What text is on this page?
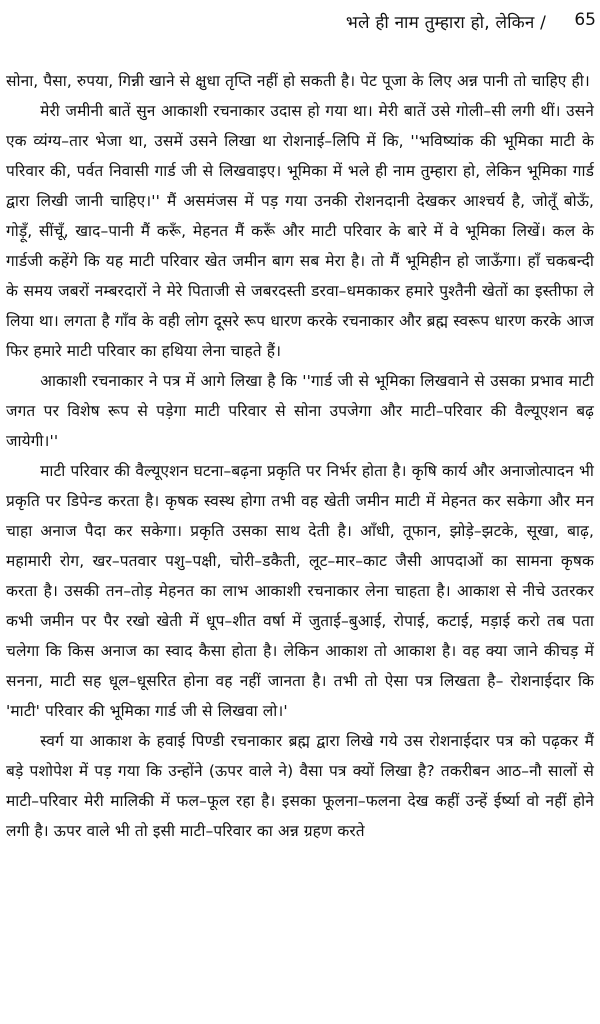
भले ही नाम तुम्हारा हो, लेकिन / 65

सोना, पैसा, रुपया, गिन्नी खाने से क्षुधा तृप्ति नहीं हो सकती है। पेट पूजा के लिए अन्न पानी तो चाहिए ही।

मेरी जमीनी बातें सुन आकाशी रचनाकार उदास हो गया था। मेरी बातें उसे गोली–सी लगी थीं। उसने एक व्यंग्य–तार भेजा था, उसमें उसने लिखा था रोशनाई–लिपि में कि, ''भविष्यांक की भूमिका माटी के परिवार की, पर्वत निवासी गार्ड जी से लिखवाइए। भूमिका में भले ही नाम तुम्हारा हो, लेकिन भूमिका गार्ड द्वारा लिखी जानी चाहिए।'' मैं असमंजस में पड़ गया उनकी रोशनदानी देखकर आश्चर्य है, जोतूँ बोऊँ, गोड़ूँ, सींचूँ, खाद–पानी मैं करूँ, मेहनत मैं करूँ और माटी परिवार के बारे में वे भूमिका लिखें। कल के गार्डजी कहेंगे कि यह माटी परिवार खेत जमीन बाग सब मेरा है। तो मैं भूमिहीन हो जाऊँगा। हाँ चकबन्दी के समय जबरों नम्बरदारों ने मेरे पिताजी से जबरदस्ती डरवा–धमकाकर हमारे पुश्तैनी खेतों का इस्तीफा ले लिया था। लगता है गाँव के वही लोग दूसरे रूप धारण करके रचनाकार और ब्रह्म स्वरूप धारण करके आज फिर हमारे माटी परिवार का हथिया लेना चाहते हैं।

आकाशी रचनाकार ने पत्र में आगे लिखा है कि ''गार्ड जी से भूमिका लिखवाने से उसका प्रभाव माटी जगत पर विशेष रूप से पड़ेगा माटी परिवार से सोना उपजेगा और माटी–परिवार की वैल्यूएशन बढ़ जायेगी।''

माटी परिवार की वैल्यूएशन घटना–बढ़ना प्रकृति पर निर्भर होता है। कृषि कार्य और अनाजोत्पादन भी प्रकृति पर डिपेन्ड करता है। कृषक स्वस्थ होगा तभी वह खेती जमीन माटी में मेहनत कर सकेगा और मन चाहा अनाज पैदा कर सकेगा। प्रकृति उसका साथ देती है। आँधी, तूफान, झोड़े–झटके, सूखा, बाढ़, महामारी रोग, खर–पतवार पशु–पक्षी, चोरी–डकैती, लूट–मार–काट जैसी आपदाओं का सामना कृषक करता है। उसकी तन–तोड़ मेहनत का लाभ आकाशी रचनाकार लेना चाहता है। आकाश से नीचे उतरकर कभी जमीन पर पैर रखो खेती में धूप–शीत वर्षा में जुताई–बुआई, रोपाई, कटाई, मड़ाई करो तब पता चलेगा कि किस अनाज का स्वाद कैसा होता है। लेकिन आकाश तो आकाश है। वह क्या जाने कीचड़ में सनना, माटी सह धूल–धूसरित होना वह नहीं जानता है। तभी तो ऐसा पत्र लिखता है– रोशनाईदार कि 'माटी' परिवार की भूमिका गार्ड जी से लिखवा लो।'

स्वर्ग या आकाश के हवाई पिण्डी रचनाकार ब्रह्म द्वारा लिखे गये उस रोशनाईदार पत्र को पढ़कर मैं बड़े पशोपेश में पड़ गया कि उन्होंने (ऊपर वाले ने) वैसा पत्र क्यों लिखा है? तकरीबन आठ–नौ सालों से माटी–परिवार मेरी मालिकी में फल–फूल रहा है। इसका फूलना–फलना देख कहीं उन्हें ईर्ष्या वो नहीं होने लगी है। ऊपर वाले भी तो इसी माटी–परिवार का अन्न ग्रहण करते
